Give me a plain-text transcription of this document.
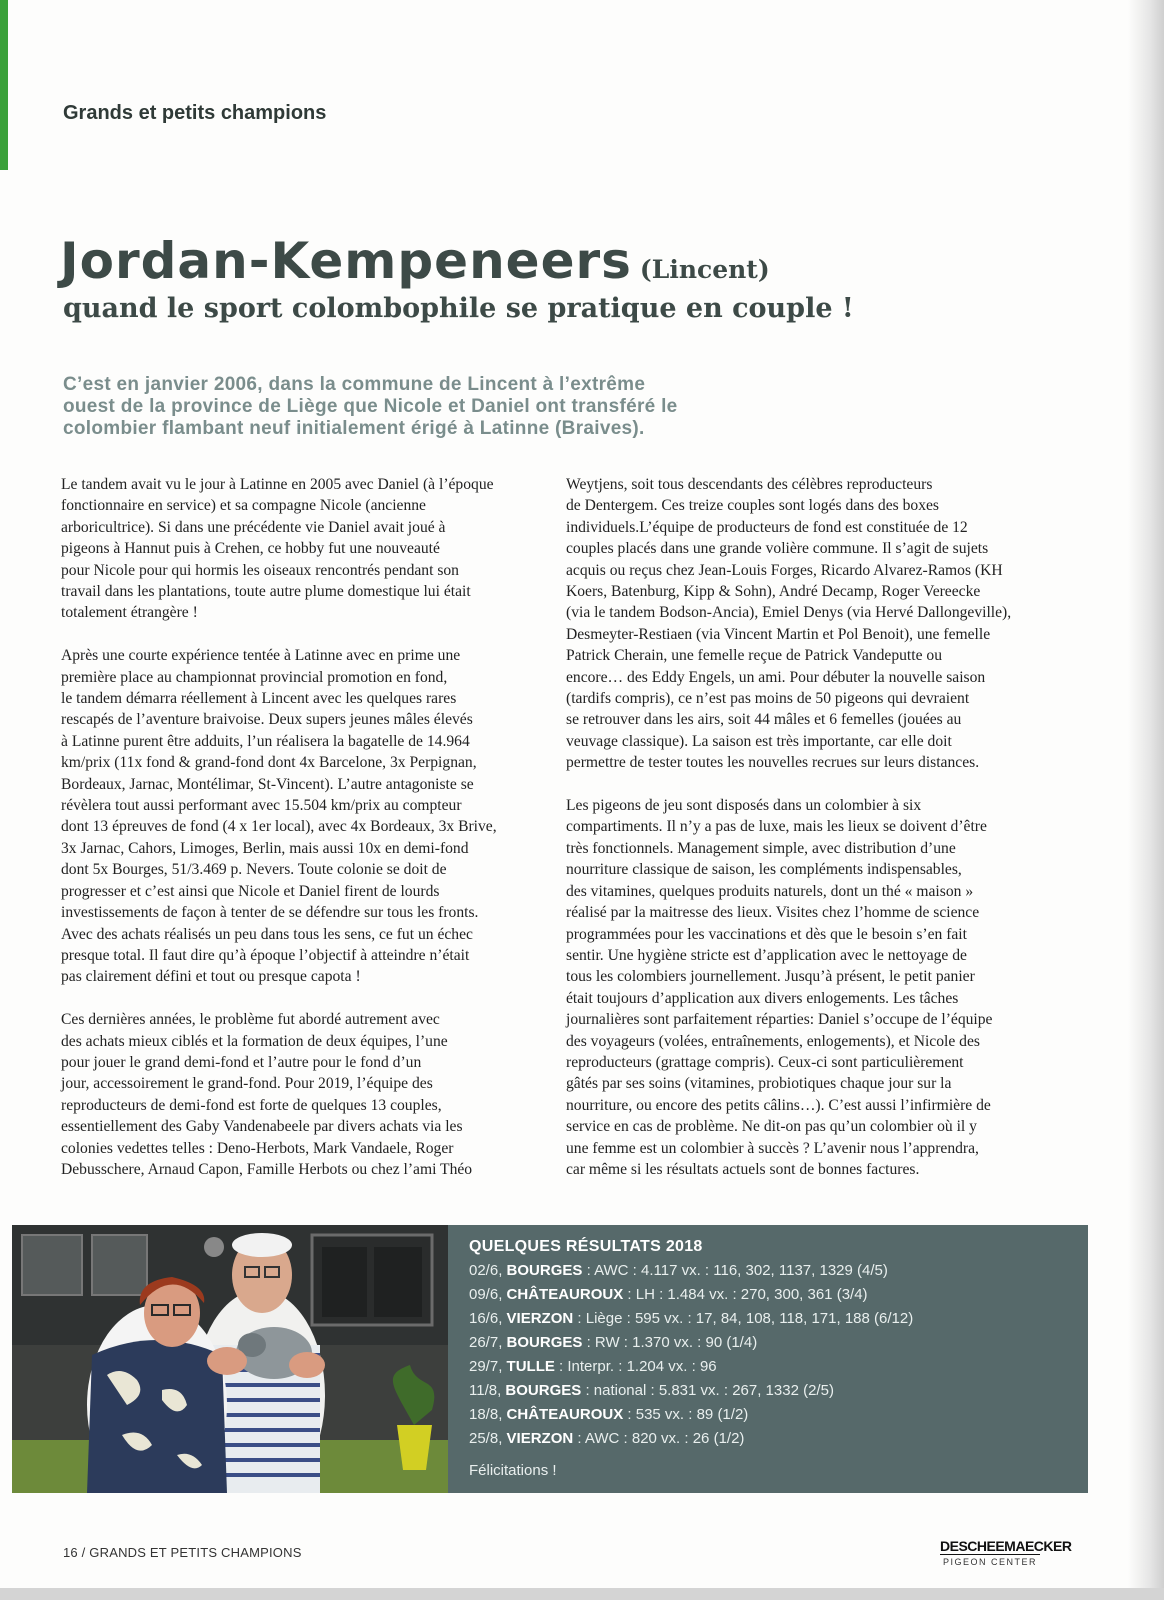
Grands et petits champions
Jordan-Kempeneers (Lincent)
quand le sport colombophile se pratique en couple !
C’est en janvier 2006, dans la commune de Lincent à l’extrême
ouest de la province de Liège que Nicole et Daniel ont transféré le
colombier flambant neuf initialement érigé à Latinne (Braives).

Le tandem avait vu le jour à Latinne en 2005 avec Daniel (à l’époque
fonctionnaire en service) et sa compagne Nicole (ancienne
arboricultrice). Si dans une précédente vie Daniel avait joué à
pigeons à Hannut puis à Crehen, ce hobby fut une nouveauté
pour Nicole pour qui hormis les oiseaux rencontrés pendant son
travail dans les plantations, toute autre plume domestique lui était
totalement étrangère !

Après une courte expérience tentée à Latinne avec en prime une
première place au championnat provincial promotion en fond,
le tandem démarra réellement à Lincent avec les quelques rares
rescapés de l’aventure braivoise. Deux supers jeunes mâles élevés
à Latinne purent être adduits, l’un réalisera la bagatelle de 14.964
km/prix (11x fond & grand-fond dont 4x Barcelone, 3x Perpignan,
Bordeaux, Jarnac, Montélimar, St-Vincent). L’autre antagoniste se
révèlera tout aussi performant avec 15.504 km/prix au compteur
dont 13 épreuves de fond (4 x 1er local), avec 4x Bordeaux, 3x Brive,
3x Jarnac, Cahors, Limoges, Berlin, mais aussi 10x en demi-fond
dont 5x Bourges, 51/3.469 p. Nevers. Toute colonie se doit de
progresser et c’est ainsi que Nicole et Daniel firent de lourds
investissements de façon à tenter de se défendre sur tous les fronts.
Avec des achats réalisés un peu dans tous les sens, ce fut un échec
presque total. Il faut dire qu’à époque l’objectif à atteindre n’était
pas clairement défini et tout ou presque capota !

Ces dernières années, le problème fut abordé autrement avec
des achats mieux ciblés et la formation de deux équipes, l’une
pour jouer le grand demi-fond et l’autre pour le fond d’un
jour, accessoirement le grand-fond. Pour 2019, l’équipe des
reproducteurs de demi-fond est forte de quelques 13 couples,
essentiellement des Gaby Vandenabeele par divers achats via les
colonies vedettes telles : Deno-Herbots, Mark Vandaele, Roger
Debusschere, Arnaud Capon, Famille Herbots ou chez l’ami Théo

Weytjens, soit tous descendants des célèbres reproducteurs
de Dentergem. Ces treize couples sont logés dans des boxes
individuels.L’équipe de producteurs de fond est constituée de 12
couples placés dans une grande volière commune. Il s’agit de sujets
acquis ou reçus chez Jean-Louis Forges, Ricardo Alvarez-Ramos (KH
Koers, Batenburg, Kipp & Sohn), André Decamp, Roger Vereecke
(via le tandem Bodson-Ancia), Emiel Denys (via Hervé Dallongeville),
Desmeyter-Restiaen (via Vincent Martin et Pol Benoit), une femelle
Patrick Cherain, une femelle reçue de Patrick Vandeputte ou
encore… des Eddy Engels, un ami. Pour débuter la nouvelle saison
(tardifs compris), ce n’est pas moins de 50 pigeons qui devraient
se retrouver dans les airs, soit 44 mâles et 6 femelles (jouées au
veuvage classique). La saison est très importante, car elle doit
permettre de tester toutes les nouvelles recrues sur leurs distances.

Les pigeons de jeu sont disposés dans un colombier à six
compartiments. Il n’y a pas de luxe, mais les lieux se doivent d’être
très fonctionnels. Management simple, avec distribution d’une
nourriture classique de saison, les compléments indispensables,
des vitamines, quelques produits naturels, dont un thé « maison »
réalisé par la maitresse des lieux. Visites chez l’homme de science
programmées pour les vaccinations et dès que le besoin s’en fait
sentir. Une hygiène stricte est d’application avec le nettoyage de
tous les colombiers journellement. Jusqu’à présent, le petit panier
était toujours d’application aux divers enlogements. Les tâches
journalières sont parfaitement réparties: Daniel s’occupe de l’équipe
des voyageurs (volées, entraînements, enlogements), et Nicole des
reproducteurs (grattage compris). Ceux-ci sont particulièrement
gâtés par ses soins (vitamines, probiotiques chaque jour sur la
nourriture, ou encore des petits câlins…). C’est aussi l’infirmière de
service en cas de problème. Ne dit-on pas qu’un colombier où il y
une femme est un colombier à succès ? L’avenir nous l’apprendra,
car même si les résultats actuels sont de bonnes factures.

QUELQUES RÉSULTATS 2018
02/6, BOURGES : AWC : 4.117 vx. : 116, 302, 1137, 1329 (4/5)
09/6, CHÂTEAUROUX : LH : 1.484 vx. : 270, 300, 361 (3/4)
16/6, VIERZON : Liège : 595 vx. : 17, 84, 108, 118, 171, 188 (6/12)
26/7, BOURGES : RW : 1.370 vx. : 90 (1/4)
29/7, TULLE : Interpr. : 1.204 vx. : 96
11/8, BOURGES : national : 5.831 vx. : 267, 1332 (2/5)
18/8, CHÂTEAUROUX : 535 vx. : 89 (1/2)
25/8, VIERZON : AWC : 820 vx. : 26 (1/2)
Félicitations !
16 / GRANDS ET PETITS CHAMPIONS	DESCHEEMAECKER
PIGEON CENTER
